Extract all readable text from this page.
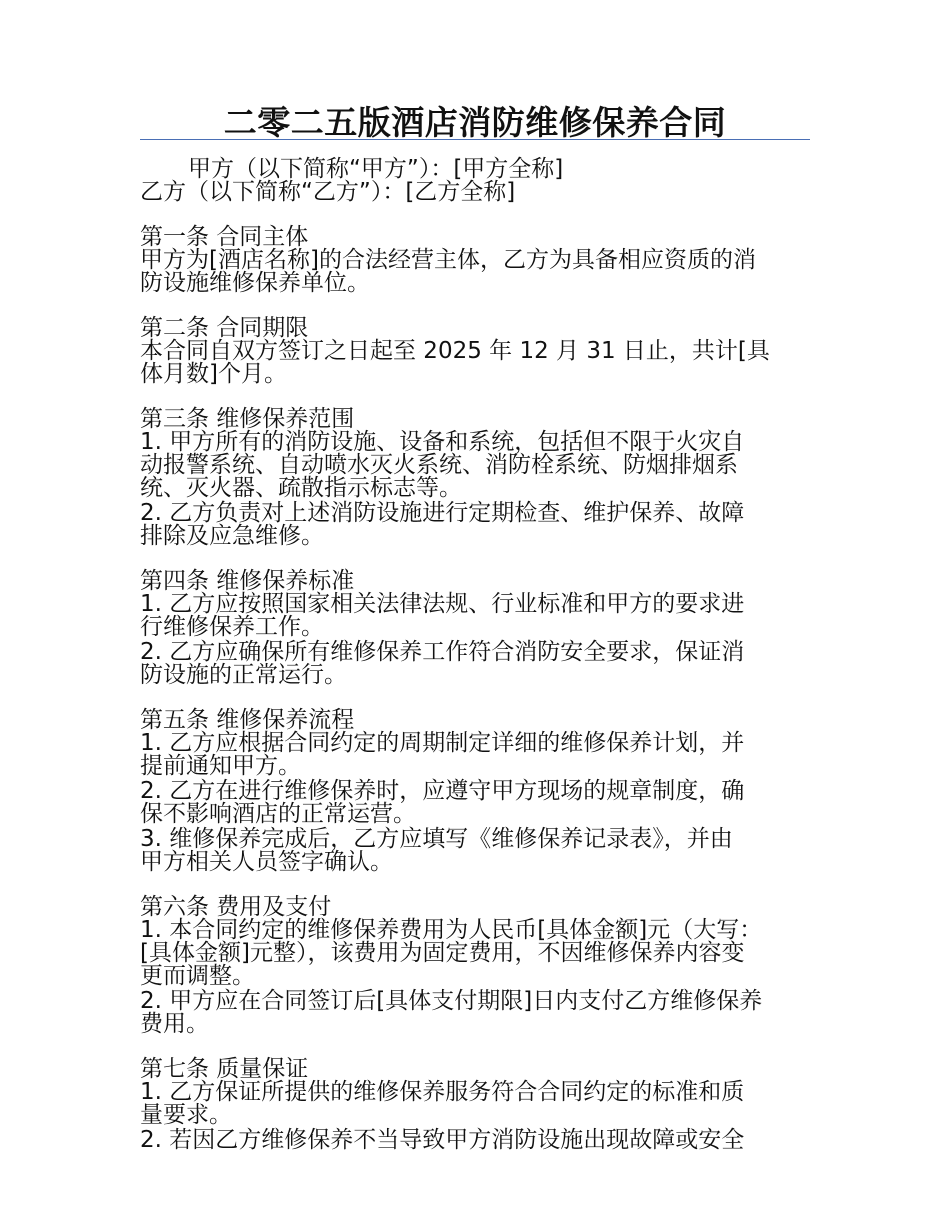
二零二五版酒店消防维修保养合同

甲方（以下简称“甲方”）：[甲方全称]

乙方（以下简称“乙方”）：[乙方全称]

第一条 合同主体

甲方为[酒店名称]的合法经营主体，乙方为具备相应资质的消

防设施维修保养单位。

第二条 合同期限

本合同自双方签订之日起至 2025 年 12 月 31 日止，共计[具

体月数]个月。

第三条 维修保养范围

1. 甲方所有的消防设施、设备和系统，包括但不限于火灾自

动报警系统、自动喷水灭火系统、消防栓系统、防烟排烟系

统、灭火器、疏散指示标志等。

2. 乙方负责对上述消防设施进行定期检查、维护保养、故障

排除及应急维修。

第四条 维修保养标准

1. 乙方应按照国家相关法律法规、行业标准和甲方的要求进

行维修保养工作。

2. 乙方应确保所有维修保养工作符合消防安全要求，保证消

防设施的正常运行。

第五条 维修保养流程

1. 乙方应根据合同约定的周期制定详细的维修保养计划，并

提前通知甲方。

2. 乙方在进行维修保养时，应遵守甲方现场的规章制度，确

保不影响酒店的正常运营。

3. 维修保养完成后，乙方应填写《维修保养记录表》，并由

甲方相关人员签字确认。

第六条 费用及支付

1. 本合同约定的维修保养费用为人民币[具体金额]元（大写：

[具体金额]元整），该费用为固定费用，不因维修保养内容变

更而调整。

2. 甲方应在合同签订后[具体支付期限]日内支付乙方维修保养

费用。

第七条 质量保证

1. 乙方保证所提供的维修保养服务符合合同约定的标准和质

量要求。

2. 若因乙方维修保养不当导致甲方消防设施出现故障或安全
